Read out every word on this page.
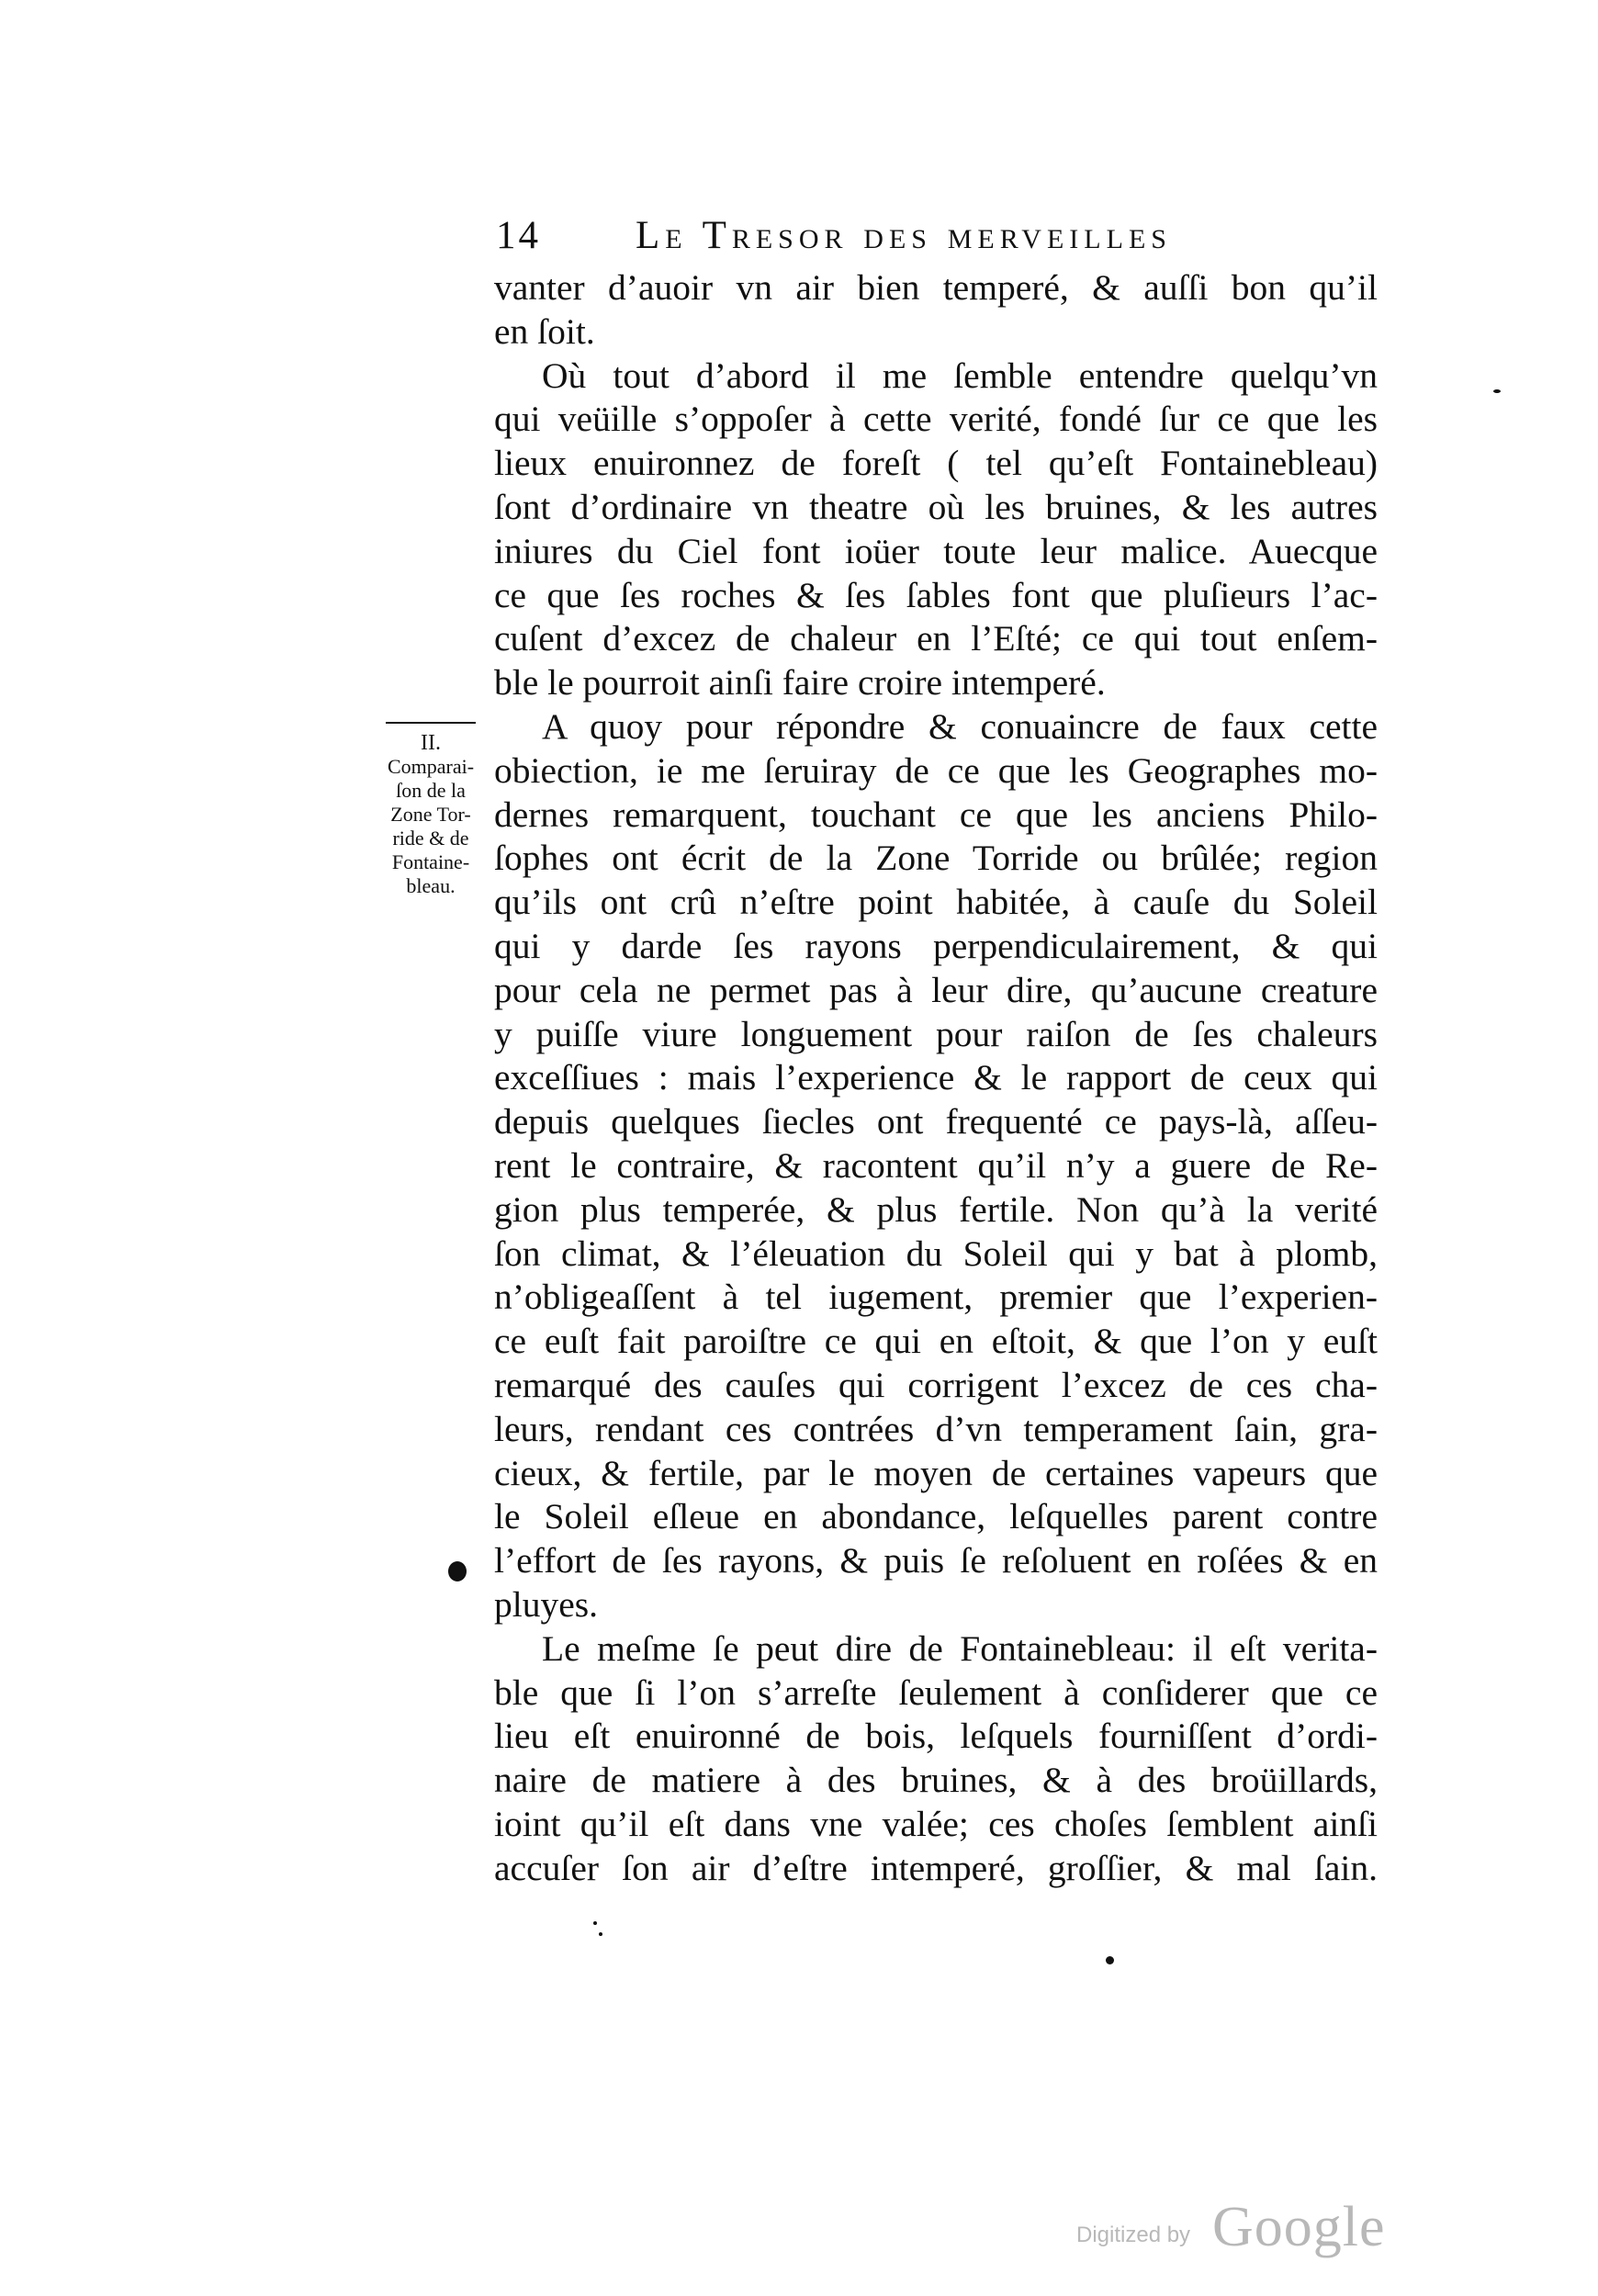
14 Le Tresor des merveilles
vanter d’auoir vn air bien temperé, & auſſi bon qu’il
en ſoit.
Où tout d’abord il me ſemble entendre quelqu’vn
qui veüille s’oppoſer à cette verité, fondé ſur ce que les
lieux enuironnez de foreſt ( tel qu’eſt Fontainebleau)
ſont d’ordinaire vn theatre où les bruines, & les autres
iniures du Ciel font ioüer toute leur malice. Auecque
ce que ſes roches & ſes ſables font que pluſieurs l’ac-
cuſent d’excez de chaleur en l’Eſté; ce qui tout enſem-
ble le pourroit ainſi faire croire intemperé.
A quoy pour répondre & conuaincre de faux cette
obiection, ie me ſeruiray de ce que les Geographes mo-
dernes remarquent, touchant ce que les anciens Philo-
ſophes ont écrit de la Zone Torride ou brûlée; region
qu’ils ont crû n’eſtre point habitée, à cauſe du Soleil
qui y darde ſes rayons perpendiculairement, & qui
pour cela ne permet pas à leur dire, qu’aucune creature
y puiſſe viure longuement pour raiſon de ſes chaleurs
exceſſiues : mais l’experience & le rapport de ceux qui
depuis quelques ſiecles ont frequenté ce pays-là, aſſeu-
rent le contraire, & racontent qu’il n’y a guere de Re-
gion plus temperée, & plus fertile. Non qu’à la verité
ſon climat, & l’éleuation du Soleil qui y bat à plomb,
n’obligeaſſent à tel iugement, premier que l’experien-
ce euſt fait paroiſtre ce qui en eſtoit, & que l’on y euſt
remarqué des cauſes qui corrigent l’excez de ces cha-
leurs, rendant ces contrées d’vn temperament ſain, gra-
cieux, & fertile, par le moyen de certaines vapeurs que
le Soleil eſleue en abondance, leſquelles parent contre
l’effort de ſes rayons, & puis ſe reſoluent en roſées & en
pluyes.
Le meſme ſe peut dire de Fontainebleau: il eſt verita-
ble que ſi l’on s’arreſte ſeulement à conſiderer que ce
lieu eſt enuironné de bois, leſquels fourniſſent d’ordi-
naire de matiere à des bruines, & à des broüillards,
ioint qu’il eſt dans vne valée; ces choſes ſemblent ainſi
accuſer ſon air d’eſtre intemperé, groſſier, & mal ſain.
II.
Comparai-
ſon de la
Zone Tor-
ride & de
Fontaine-
bleau.
Digitized by Google
